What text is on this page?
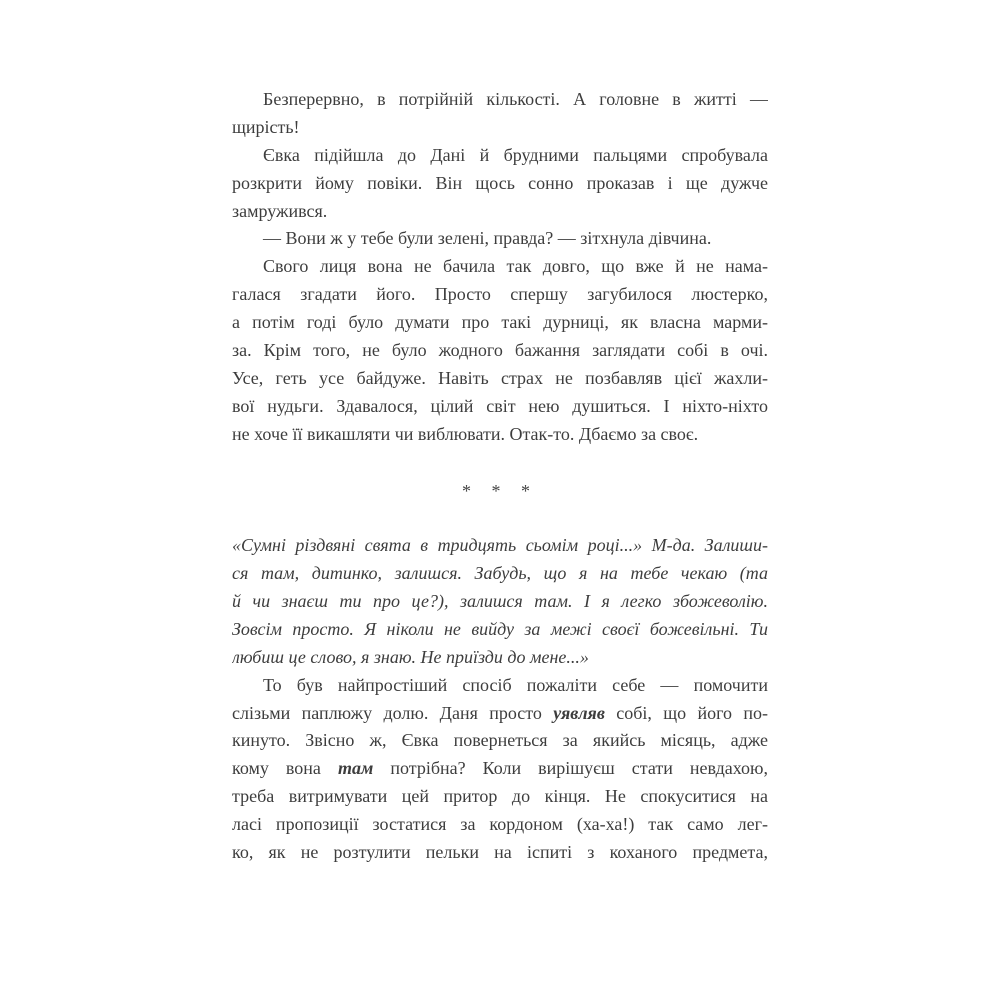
Безперервно, в потрійній кількості. А головне в житті —
щирість!
Євка підійшла до Дані й брудними пальцями спробувала
розкрити йому повіки. Він щось сонно проказав і ще дужче
замружився.
— Вони ж у тебе були зелені, правда? — зітхнула дівчина.
Свого лиця вона не бачила так довго, що вже й не нама-
галася згадати його. Просто спершу загубилося люстерко,
а потім годі було думати про такі дурниці, як власна марми-
за. Крім того, не було жодного бажання заглядати собі в очі.
Усе, геть усе байдуже. Навіть страх не позбавляв цієї жахли-
вої нудьги. Здавалося, цілий світ нею душиться. І ніхто-ніхто
не хоче її викашляти чи виблювати. Отак-то. Дбаємо за своє.
* * *
«Сумні різдвяні свята в тридцять сьомім році...» М-да. Залиши-
ся там, дитинко, залишся. Забудь, що я на тебе чекаю (та
й чи знаєш ти про це?), залишся там. І я легко збожеволію.
Зовсім просто. Я ніколи не вийду за межі своєї божевільні. Ти
любиш це слово, я знаю. Не приїзди до мене...»
То був найпростіший спосіб пожаліти себе — помочити
слізьми паплюжу долю. Даня просто уявляв собі, що його по-
кинуто. Звісно ж, Євка повернеться за якийсь місяць, адже
кому вона там потрібна? Коли вирішуєш стати невдахою,
треба витримувати цей притор до кінця. Не спокуситися на
ласі пропозиції зостатися за кордоном (ха-ха!) так само лег-
ко, як не розтулити пельки на іспиті з коханого предмета,
